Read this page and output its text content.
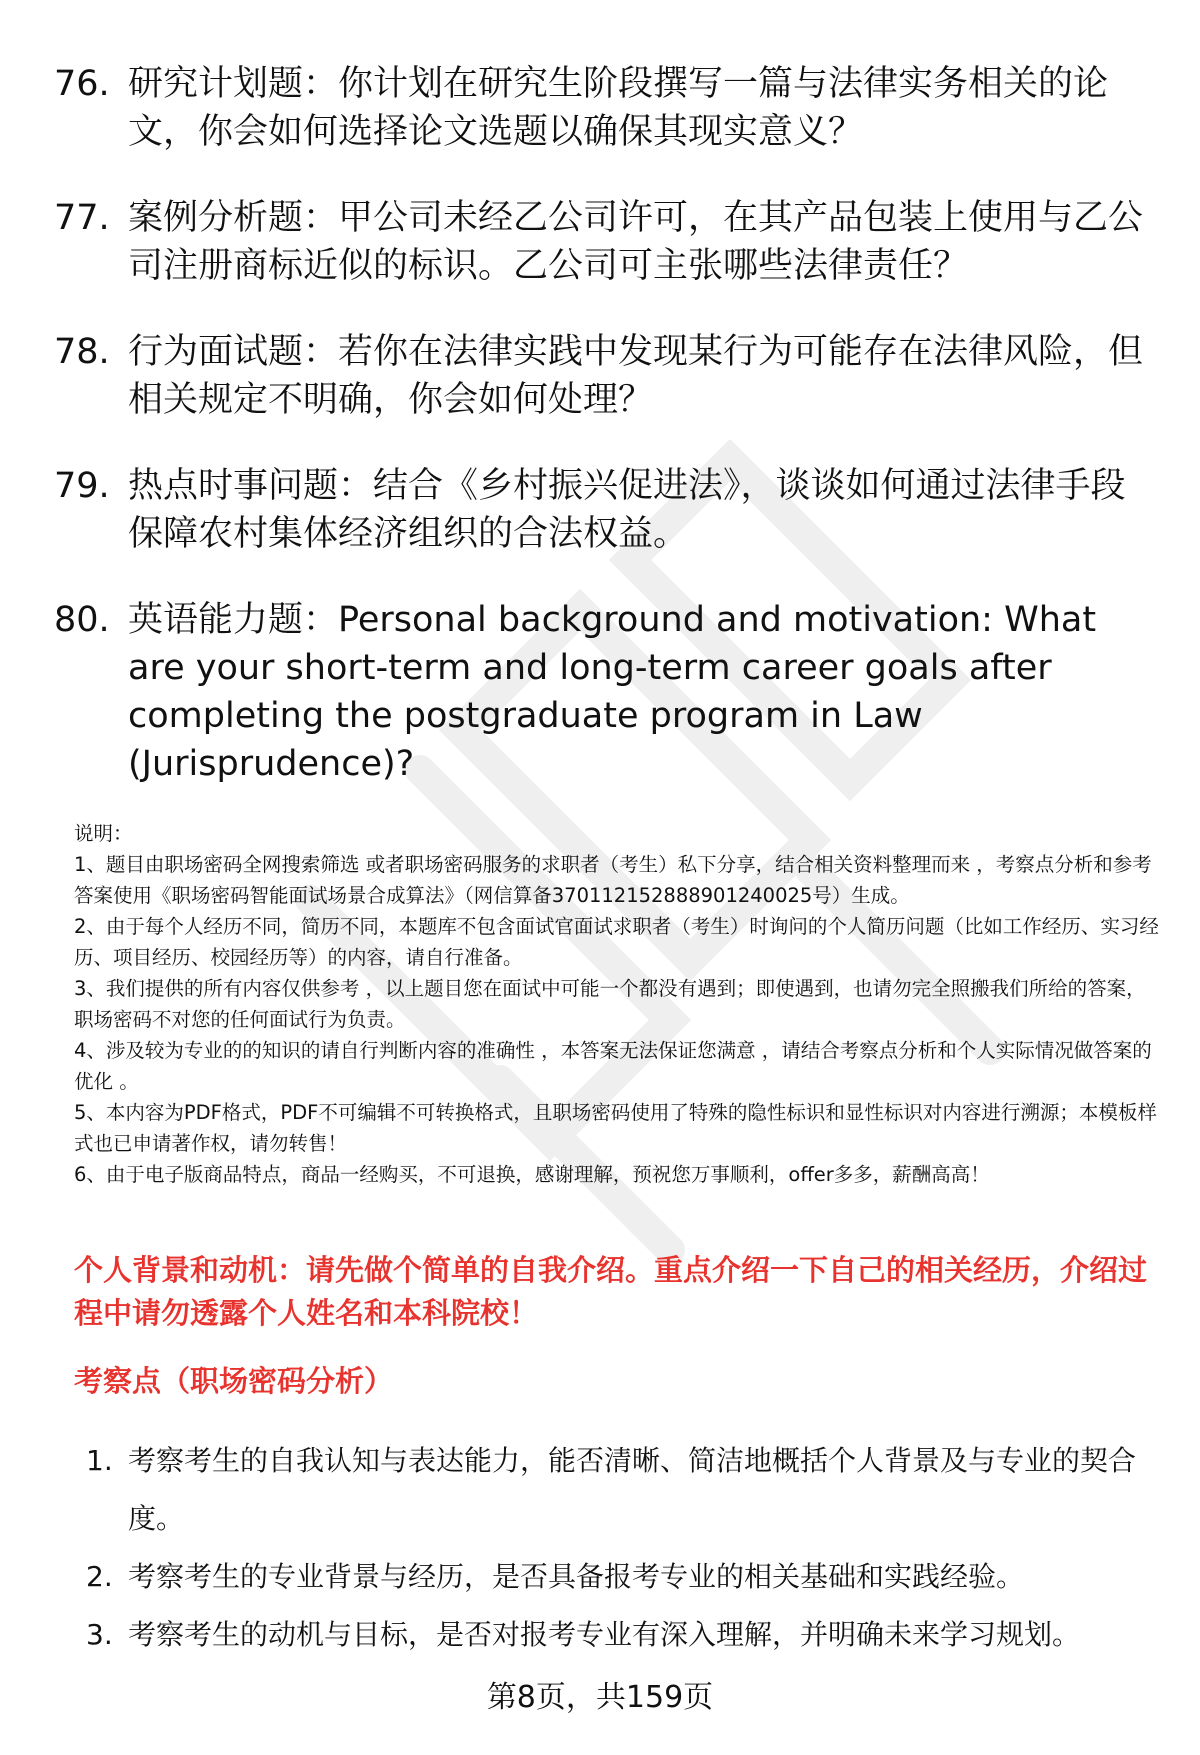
76. 研究计划题：你计划在研究生阶段撰写一篇与法律实务相关的论文，你会如何选择论文选题以确保其现实意义？
77. 案例分析题：甲公司未经乙公司许可，在其产品包装上使用与乙公司注册商标近似的标识。乙公司可主张哪些法律责任？
78. 行为面试题：若你在法律实践中发现某行为可能存在法律风险，但相关规定不明确，你会如何处理？
79. 热点时事问题：结合《乡村振兴促进法》，谈谈如何通过法律手段保障农村集体经济组织的合法权益。
80. 英语能力题：Personal background and motivation: What are your short-term and long-term career goals after completing the postgraduate program in Law (Jurisprudence)?

说明：

1、题目由职场密码全网搜索筛选 或者职场密码服务的求职者（考生）私下分享，结合相关资料整理而来 ，考察点分析和参考答案使用《职场密码智能面试场景合成算法》（网信算备370112152888901240025号）生成。

2、由于每个人经历不同，简历不同，本题库不包含面试官面试求职者（考生）时询问的个人简历问题（比如工作经历、实习经历、项目经历、校园经历等）的内容，请自行准备。

3、我们提供的所有内容仅供参考 ，以上题目您在面试中可能一个都没有遇到；即使遇到，也请勿完全照搬我们所给的答案，职场密码不对您的任何面试行为负责。

4、涉及较为专业的的知识的请自行判断内容的准确性 ，本答案无法保证您满意 ，请结合考察点分析和个人实际情况做答案的优化 。

5、本内容为PDF格式，PDF不可编辑不可转换格式，且职场密码使用了特殊的隐性标识和显性标识对内容进行溯源；本模板样式也已申请著作权，请勿转售！

6、由于电子版商品特点，商品一经购买，不可退换，感谢理解，预祝您万事顺利，offer多多，薪酬高高！

个人背景和动机：请先做个简单的自我介绍。重点介绍一下自己的相关经历，介绍过程中请勿透露个人姓名和本科院校！
考察点（职场密码分析）
1. 考察考生的自我认知与表达能力，能否清晰、简洁地概括个人背景及与专业的契合度。
2. 考察考生的专业背景与经历，是否具备报考专业的相关基础和实践经验。
3. 考察考生的动机与目标，是否对报考专业有深入理解，并明确未来学习规划。
第8页，共159页
